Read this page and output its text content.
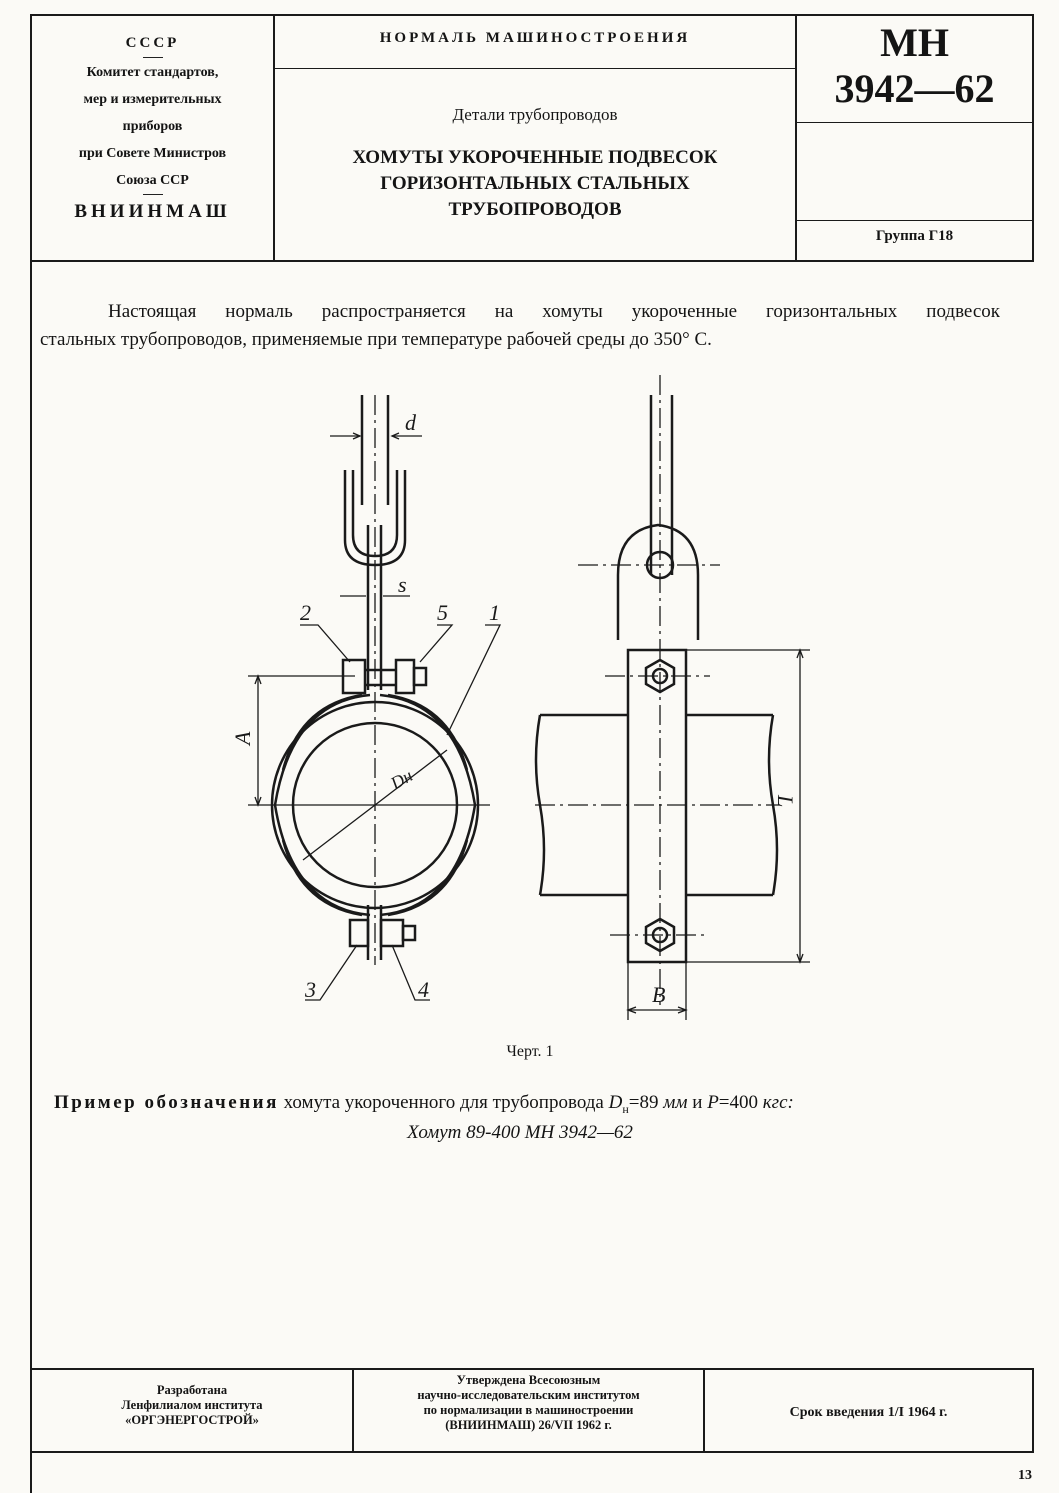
СССР
Комитет стандартов,
мер и измерительных
приборов
при Совете Министров
Союза ССР
ВНИИНМАШ
НОРМАЛЬ МАШИНОСТРОЕНИЯ
Детали трубопроводов
ХОМУТЫ УКОРОЧЕННЫЕ ПОДВЕСОК
ГОРИЗОНТАЛЬНЫХ СТАЛЬНЫХ
ТРУБОПРОВОДОВ
МН
3942—62
Группа Г18
Настоящая нормаль распространяется на хомуты укороченные горизонтальных подвесок
стальных трубопроводов, применяемые при температуре рабочей среды до 350° С.
d
s
2	5 1
A
Dн
3	4
L
B
Черт. 1
Пример обозначения хомута укороченного для трубопровода $D_н=89$ мм и P=400 кгс:
Хомут 89-400 МН 3942—62
Разработана
Ленфилиалом института
«ОРГЭНЕРГОСТРОЙ»
Утверждена Всесоюзным
научно-исследовательским институтом
по нормализации в машиностроении
(ВНИИНМАШ) 26/VII 1962 г.
Срок введения 1/I 1964 г.
13
